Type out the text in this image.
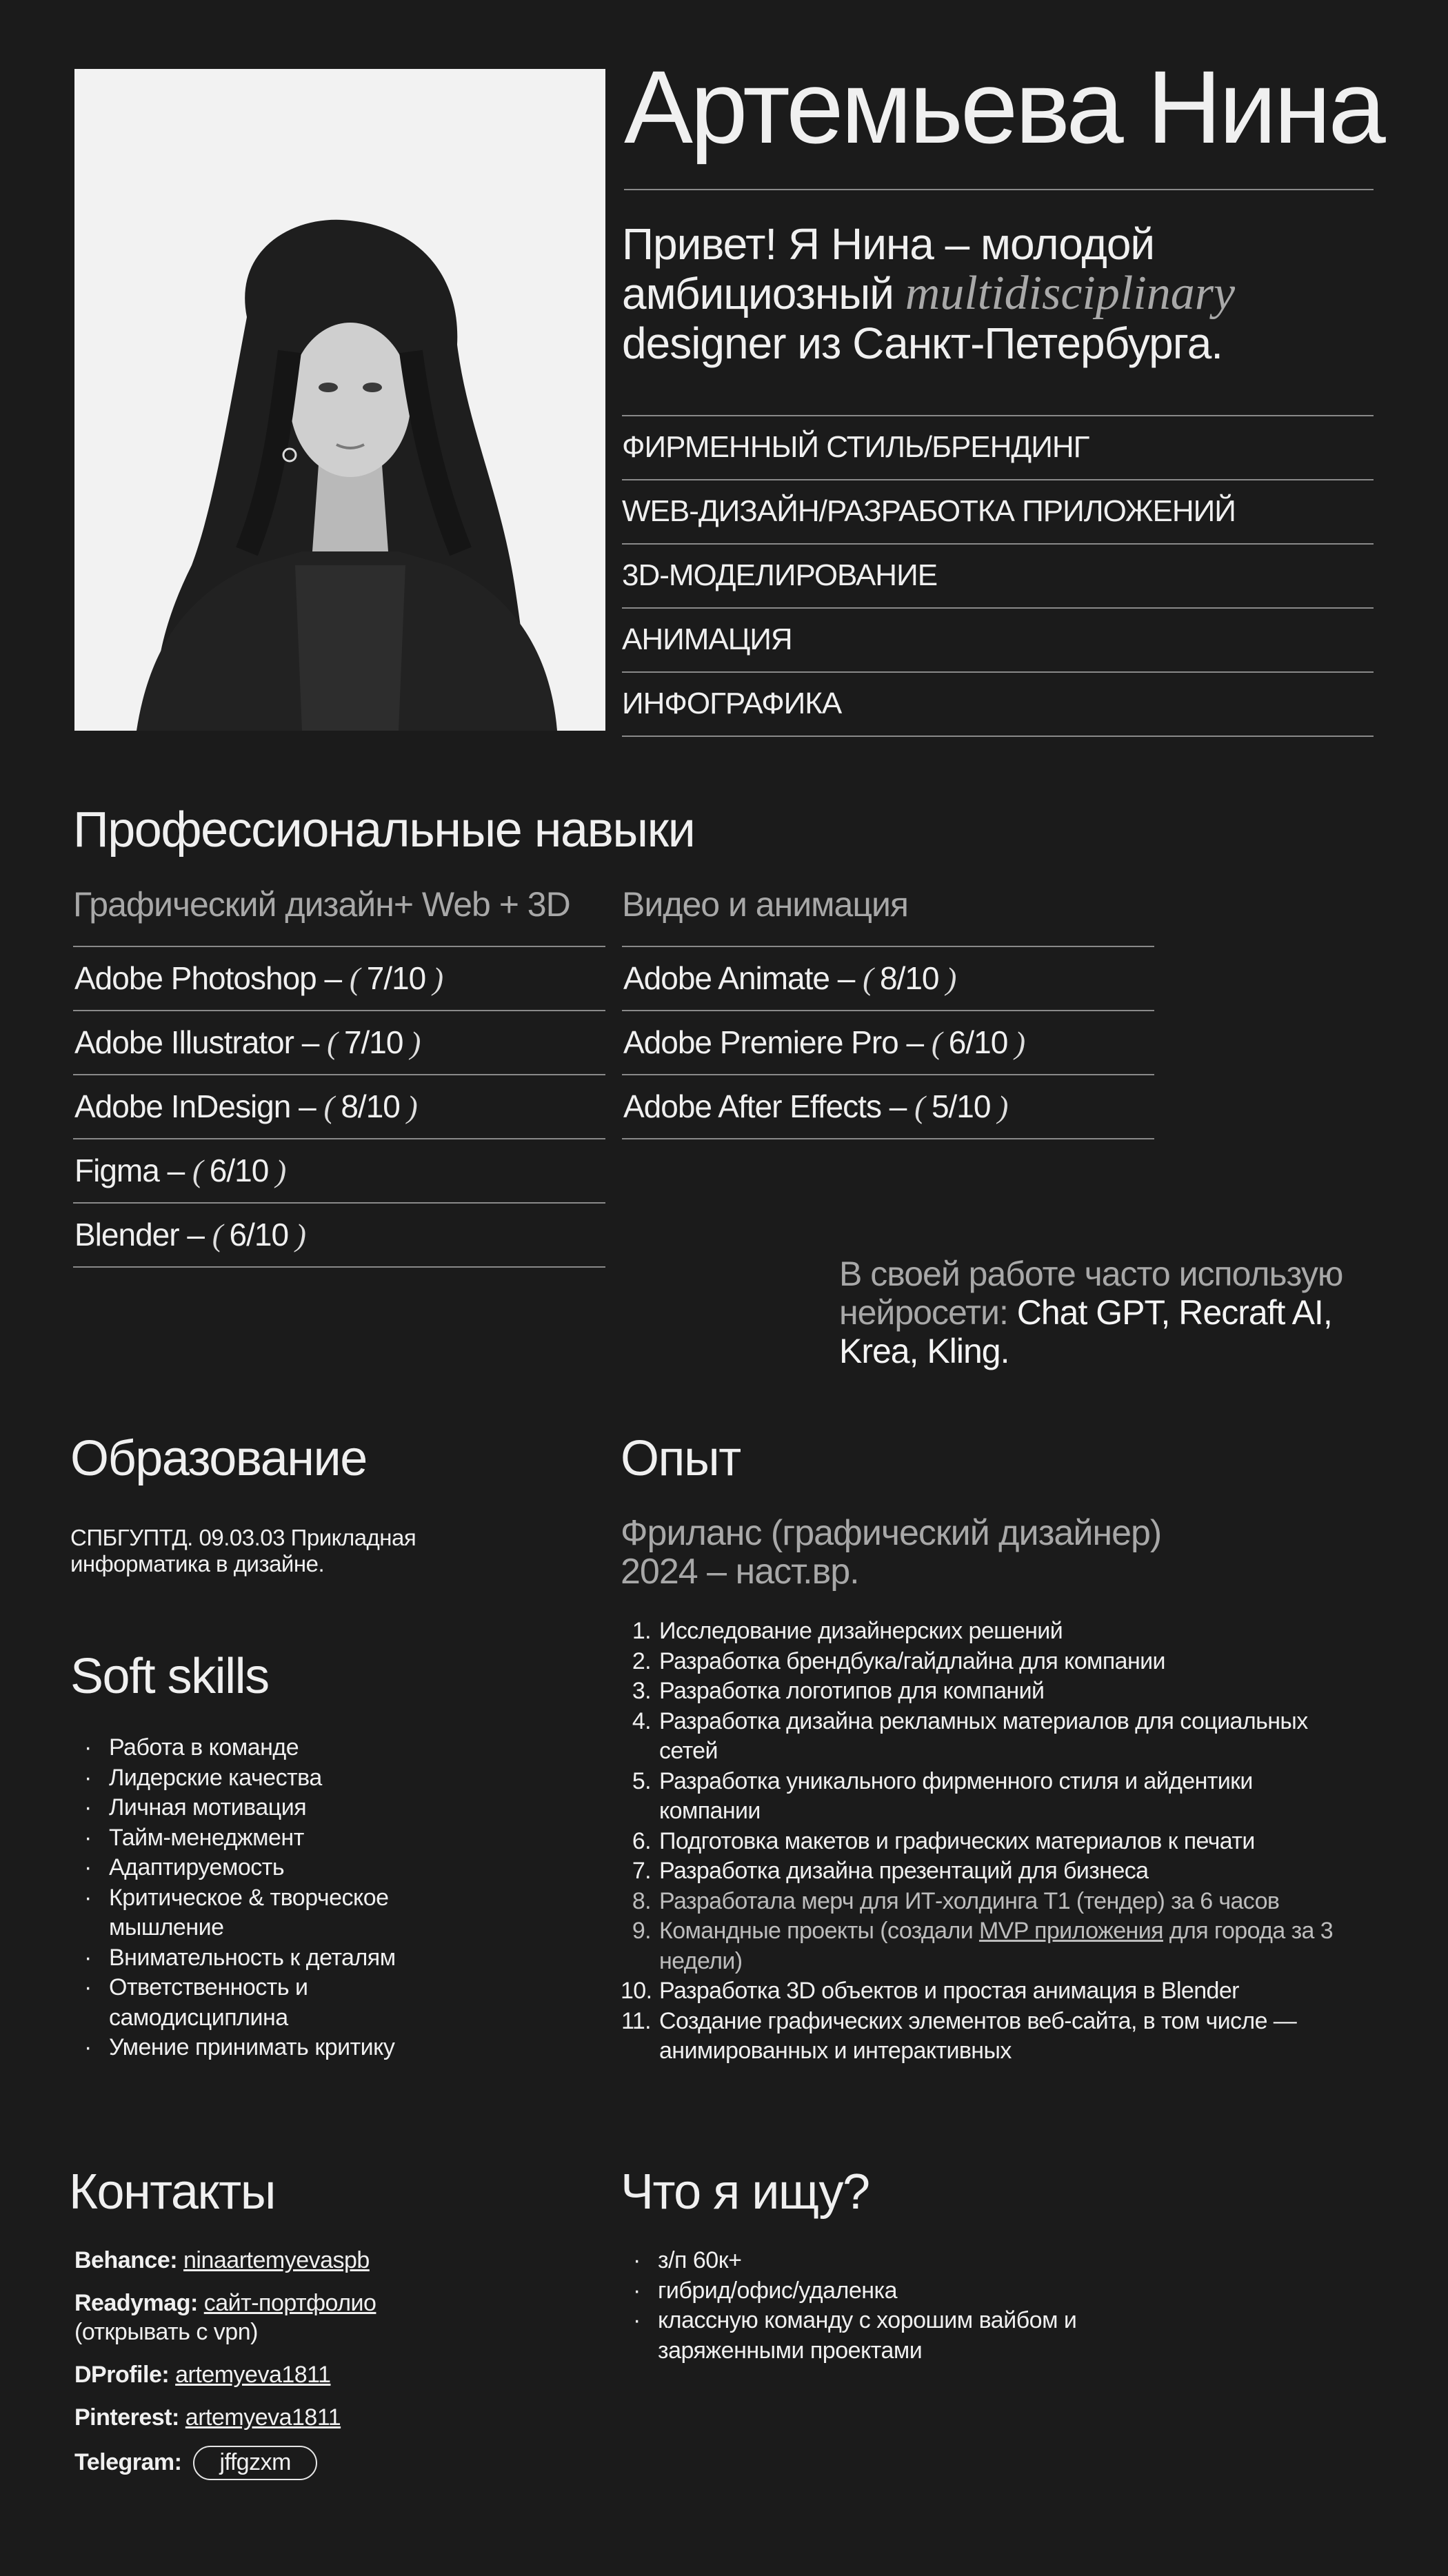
Артемьева Нина
Привет! Я Нина – молодой амбициозный multidisciplinary designer из Санкт-Петербурга.
ФИРМЕННЫЙ СТИЛЬ/БРЕНДИНГ
WEB-ДИЗАЙН/РАЗРАБОТКА ПРИЛОЖЕНИЙ
3D-МОДЕЛИРОВАНИЕ
АНИМАЦИЯ
ИНФОГРАФИКА
Профессиональные навыки
Графический дизайн+ Web + 3D Видео и анимация
Adobe Photoshop – ( 7/10 )
Adobe Illustrator – ( 7/10 )
Adobe InDesign – ( 8/10 )
Figma – ( 6/10 )
Blender – ( 6/10 )
Adobe Animate – ( 8/10 )
Adobe Premiere Pro – ( 6/10 )
Adobe After Effects – ( 5/10 )
В своей работе часто использую нейросети: Chat GPT, Recraft AI, Krea, Kling.
Образование
СПБГУПТД. 09.03.03 Прикладная информатика в дизайне.
Soft skills
· Работа в команде
· Лидерские качества
· Личная мотивация
· Тайм-менеджмент
· Адаптируемость
· Критическое & творческое мышление
· Внимательность к деталям
· Ответственность и самодисциплина
· Умение принимать критику
Опыт
Фриланс (графический дизайнер)
2024 – наст.вр.
1. Исследование дизайнерских решений
2. Разработка брендбука/гайдлайна для компании
3. Разработка логотипов для компаний
4. Разработка дизайна рекламных материалов для социальных сетей
5. Разработка уникального фирменного стиля и айдентики компании
6. Подготовка макетов и графических материалов к печати
7. Разработка дизайна презентаций для бизнеса
8. Разработала мерч для ИТ-холдинга Т1 (тендер) за 6 часов
9. Командные проекты (создали MVP приложения для города за 3 недели)
10. Разработка 3D объектов и простая анимация в Blender
11. Создание графических элементов веб-сайта, в том числе — анимированных и интерактивных
Контакты
Behance: ninaartemyevaspb
Readymag: сайт-портфолио
(открывать с vpn)
DProfile: artemyeva1811
Pinterest: artemyeva1811
Telegram: jffgzxm
Что я ищу?
· з/п 60к+
· гибрид/офис/удаленка
· классную команду с хорошим вайбом и заряженными проектами
